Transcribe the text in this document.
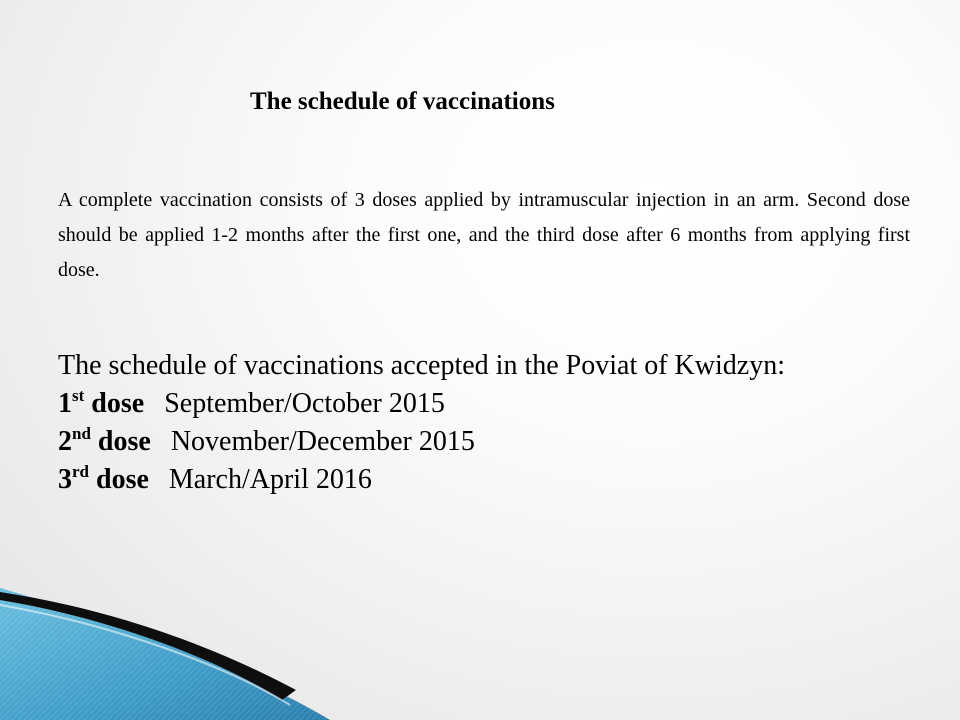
The schedule of vaccinations

A complete vaccination consists of 3 doses applied by intramuscular injection in an arm. Second dose should be applied 1-2 months after the first one, and the third dose after 6 months from applying first dose.

The schedule of vaccinations accepted in the Poviat of Kwidzyn:

1st dose September/October 2015

2nd dose November/December 2015

3rd dose March/April 2016
